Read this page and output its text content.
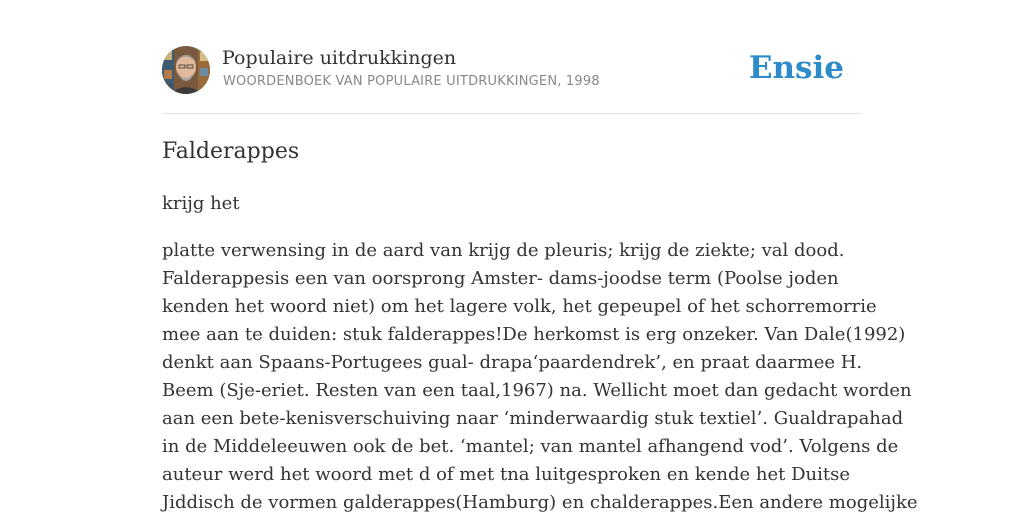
Populaire uitdrukkingen
WOORDENBOEK VAN POPULAIRE UITDRUKKINGEN, 1998	Ensie
Falderappes
krijg het
platte verwensing in de aard van krijg de pleuris; krijg de ziekte; val dood.
Falderappesis een van oorsprong Amster- dams-joodse term (Poolse joden
kenden het woord niet) om het lagere volk, het gepeupel of het schorremorrie
mee aan te duiden: stuk falderappes!De herkomst is erg onzeker. Van Dale(1992)
denkt aan Spaans-Portugees gual- drapa‘paardendrek’, en praat daarmee H.
Beem (Sje-eriet. Resten van een taal,1967) na. Wellicht moet dan gedacht worden
aan een bete-kenisverschuiving naar ‘minderwaardig stuk textiel’. Gualdrapahad
in de Middeleeuwen ook de bet. ‘mantel; van mantel afhangend vod’. Volgens de
auteur werd het woord met d of met tna luitgesproken en kende het Duitse
Jiddisch de vormen galderappes(Hamburg) en chalderappes.Een andere mogelijke
